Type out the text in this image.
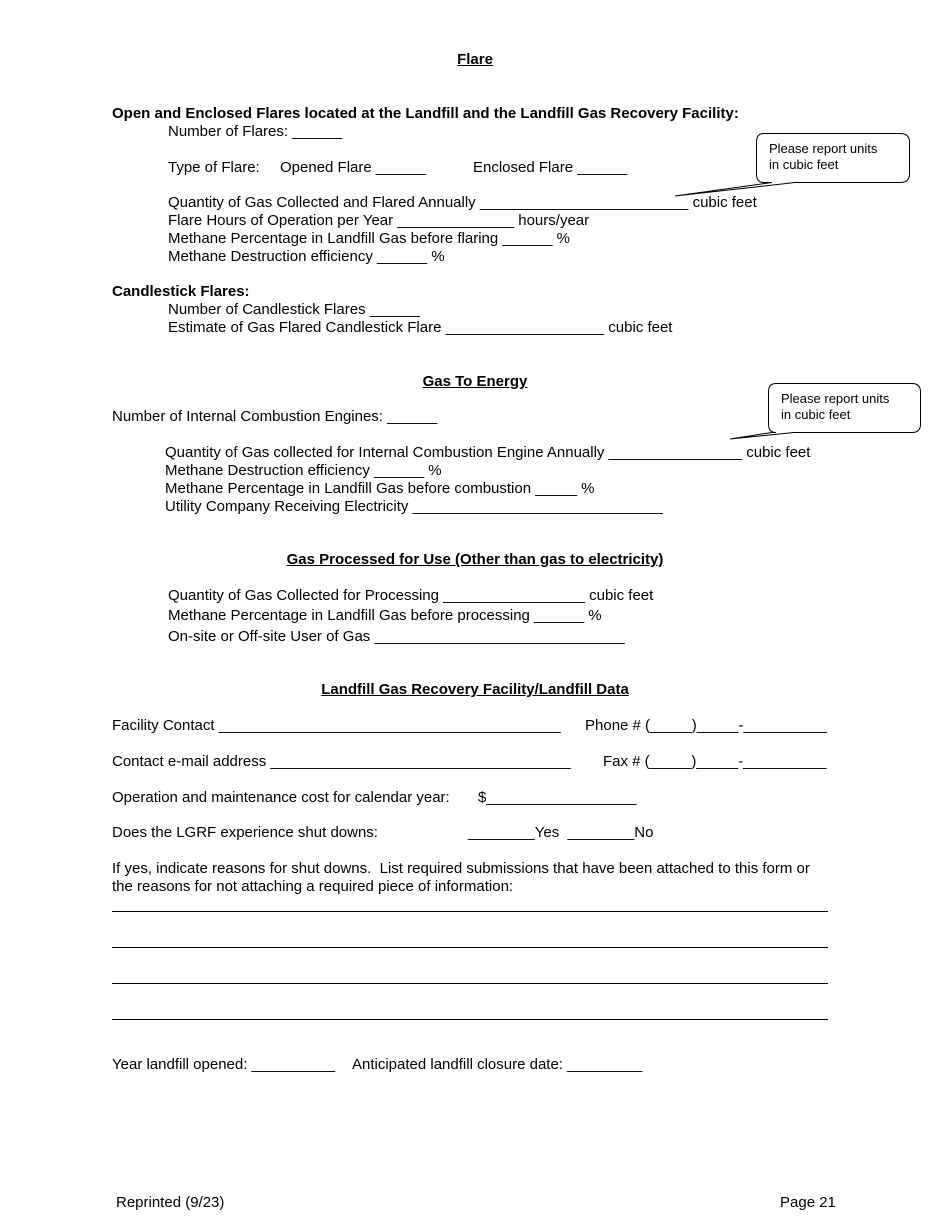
Flare
Open and Enclosed Flares located at the Landfill and the Landfill Gas Recovery Facility:
Number of Flares: ______
Type of Flare: Opened Flare ______	Enclosed Flare ______
Please report units
in cubic feet
Quantity of Gas Collected and Flared Annually _________________________ cubic feet
Flare Hours of Operation per Year ______________ hours/year
Methane Percentage in Landfill Gas before flaring ______ %
Methane Destruction efficiency ______ %
Candlestick Flares:
Number of Candlestick Flares ______
Estimate of Gas Flared Candlestick Flare ___________________ cubic feet
Gas To Energy
Number of Internal Combustion Engines: ______
Please report units
in cubic feet
Quantity of Gas collected for Internal Combustion Engine Annually ________________ cubic feet
Methane Destruction efficiency ______ %
Methane Percentage in Landfill Gas before combustion _____ %
Utility Company Receiving Electricity ______________________________
Gas Processed for Use (Other than gas to electricity)
Quantity of Gas Collected for Processing _________________ cubic feet
Methane Percentage in Landfill Gas before processing ______ %
On-site or Off-site User of Gas ______________________________
Landfill Gas Recovery Facility/Landfill Data
Facility Contact _________________________________________ Phone # (_____)_____-__________
Contact e-mail address ____________________________________ Fax # (_____)_____-__________
Operation and maintenance cost for calendar year: $__________________
Does the LGRF experience shut downs:	________Yes  ________No
If yes, indicate reasons for shut downs.  List required submissions that have been attached to this form or
the reasons for not attaching a required piece of information:
Year landfill opened: __________ Anticipated landfill closure date: _________
Reprinted (9/23)	Page 21
